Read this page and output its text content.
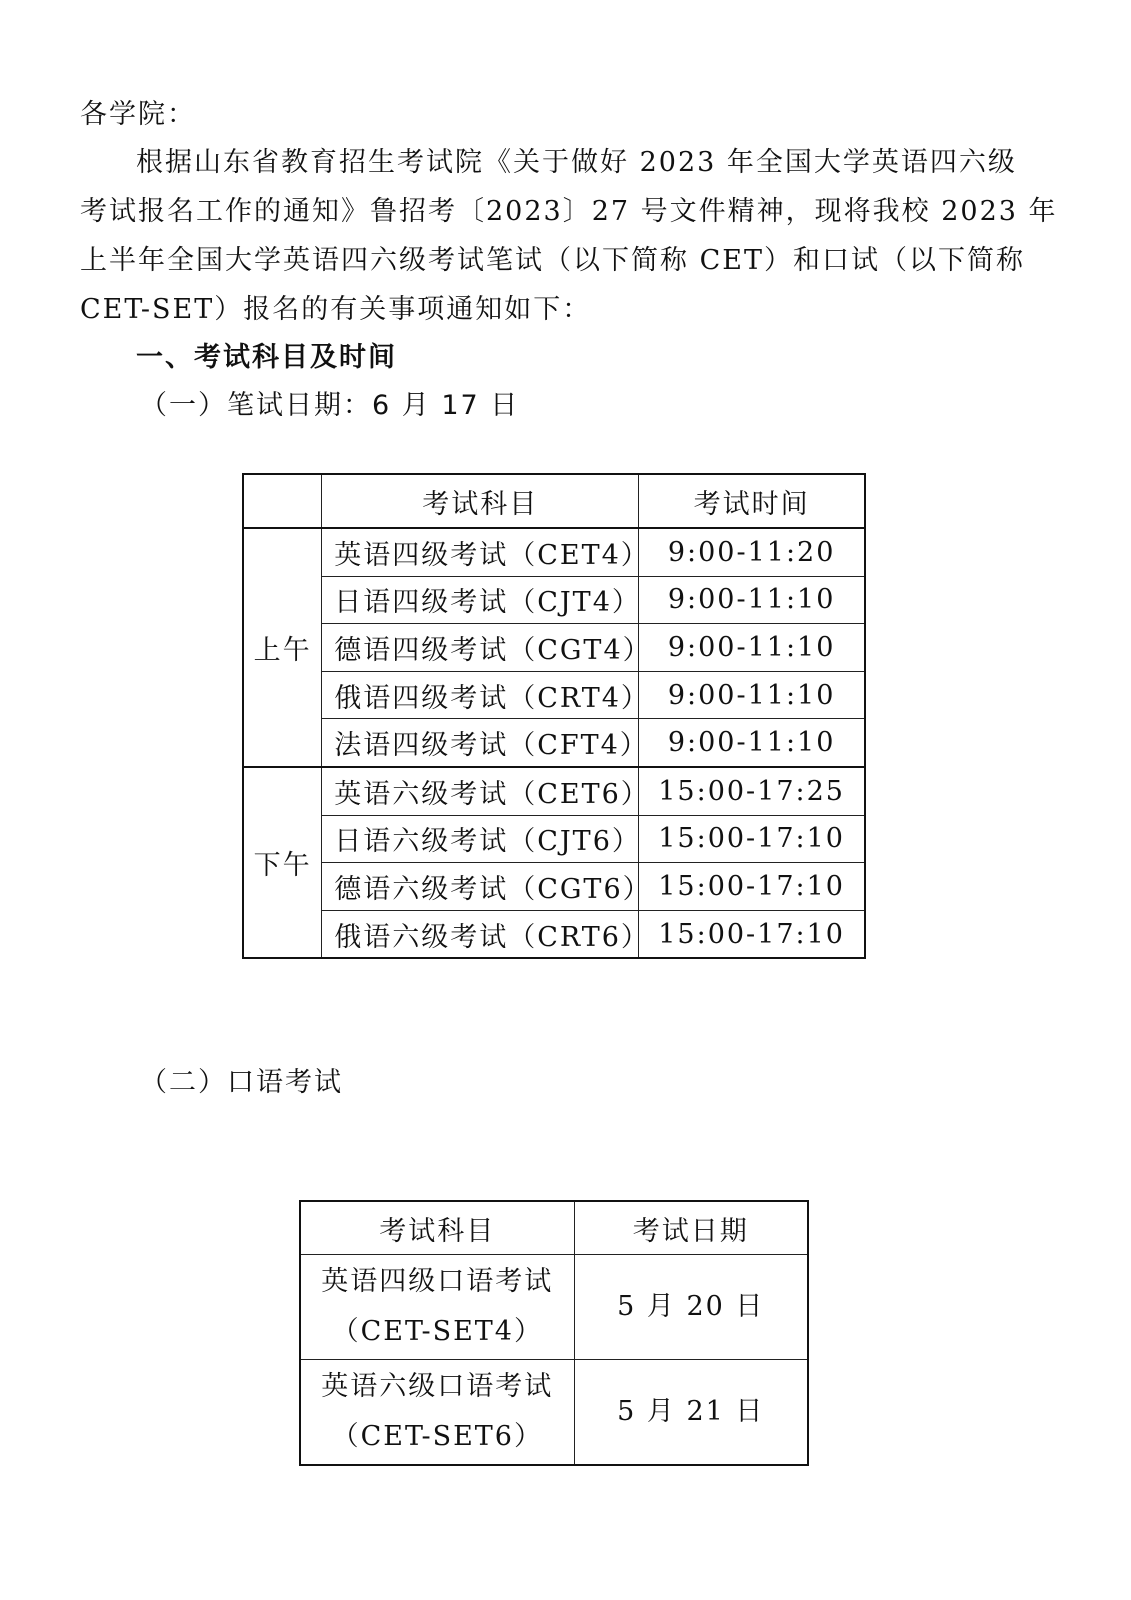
各学院：
根据山东省教育招生考试院《关于做好 2023 年全国大学英语四六级
考试报名工作的通知》鲁招考〔2023〕27 号文件精神，现将我校 2023 年
上半年全国大学英语四六级考试笔试（以下简称 CET）和口试（以下简称
CET-SET）报名的有关事项通知如下：
一、考试科目及时间
（一）笔试日期：6 月 17 日
	考试科目	考试时间
上午	英语四级考试（CET4）	9:00-11:20
	日语四级考试（CJT4）	9:00-11:10
	德语四级考试（CGT4）	9:00-11:10
	俄语四级考试（CRT4）	9:00-11:10
	法语四级考试（CFT4）	9:00-11:10
下午	英语六级考试（CET6）	15:00-17:25
	日语六级考试（CJT6）	15:00-17:10
	德语六级考试（CGT6）	15:00-17:10
	俄语六级考试（CRT6）	15:00-17:10
（二）口语考试
考试科目	考试日期

英语四级口语考试
（CET-SET4）	5 月 20 日

英语六级口语考试
（CET-SET6）	5 月 21 日
